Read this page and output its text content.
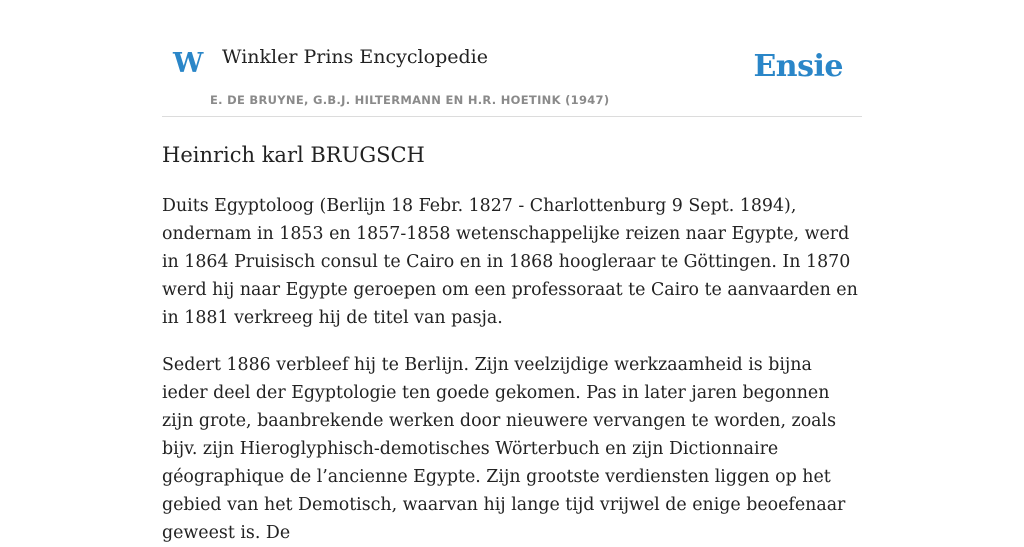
W Winkler Prins Encyclopedie
E. DE BRUYNE, G.B.J. HILTERMANN EN H.R. HOETINK (1947)
Ensie
Heinrich karl BRUGSCH

Duits Egyptoloog (Berlijn 18 Febr. 1827 - Charlottenburg 9 Sept. 1894), ondernam in 1853 en 1857-1858 wetenschappelijke reizen naar Egypte, werd in 1864 Pruisisch consul te Cairo en in 1868 hoogleraar te Göttingen. In 1870 werd hij naar Egypte geroepen om een professoraat te Cairo te aanvaarden en in 1881 verkreeg hij de titel van pasja.

Sedert 1886 verbleef hij te Berlijn. Zijn veelzijdige werkzaamheid is bijna ieder deel der Egyptologie ten goede gekomen. Pas in later jaren begonnen zijn grote, baanbrekende werken door nieuwere vervangen te worden, zoals bijv. zijn Hieroglyphisch-demotisches Wörterbuch en zijn Dictionnaire géographique de l’ancienne Egypte. Zijn grootste verdiensten liggen op het gebied van het Demotisch, waarvan hij lange tijd vrijwel de enige beoefenaar geweest is. De
